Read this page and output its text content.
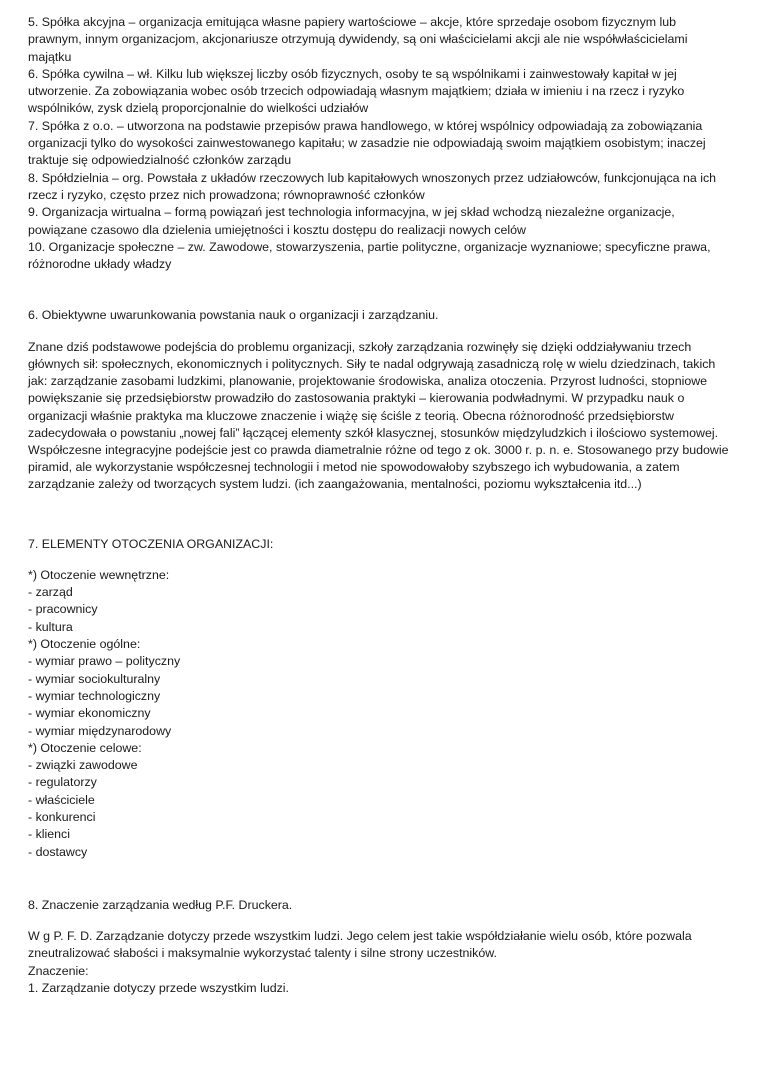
5. Spółka akcyjna – organizacja emitująca własne papiery wartościowe – akcje, które sprzedaje osobom fizycznym lub prawnym, innym organizacjom, akcjonariusze otrzymują dywidendy, są oni właścicielami akcji ale nie współwłaścicielami majątku

6. Spółka cywilna – wł. Kilku lub większej liczby osób fizycznych, osoby te są wspólnikami i zainwestowały kapitał w jej utworzenie. Za zobowiązania wobec osób trzecich odpowiadają własnym majątkiem; działa w imieniu i na rzecz i ryzyko wspólników, zysk dzielą proporcjonalnie do wielkości udziałów

7. Spółka z o.o. – utworzona na podstawie przepisów prawa handlowego, w której wspólnicy odpowiadają za zobowiązania organizacji tylko do wysokości zainwestowanego kapitału; w zasadzie nie odpowiadają swoim majątkiem osobistym; inaczej traktuje się odpowiedzialność członków zarządu

8. Spółdzielnia – org. Powstała z układów rzeczowych lub kapitałowych wnoszonych przez udziałowców, funkcjonująca na ich rzecz i ryzyko, często przez nich prowadzona; równoprawność członków

9. Organizacja wirtualna – formą powiązań jest technologia informacyjna, w jej skład wchodzą niezależne organizacje, powiązane czasowo dla dzielenia umiejętności i kosztu dostępu do realizacji nowych celów

10. Organizacje społeczne – zw. Zawodowe, stowarzyszenia, partie polityczne, organizacje wyznaniowe; specyficzne prawa, różnorodne układy władzy

6. Obiektywne uwarunkowania powstania nauk o organizacji i zarządzaniu.

Znane dziś podstawowe podejścia do problemu organizacji, szkoły zarządzania rozwinęły się dzięki oddziaływaniu trzech głównych sił: społecznych, ekonomicznych i politycznych. Siły te nadal odgrywają zasadniczą rolę w wielu dziedzinach, takich jak: zarządzanie zasobami ludzkimi, planowanie, projektowanie środowiska, analiza otoczenia. Przyrost ludności, stopniowe powiększanie się przedsiębiorstw prowadziło do zastosowania praktyki – kierowania podwładnymi. W przypadku nauk o organizacji właśnie praktyka ma kluczowe znaczenie i wiążę się ściśle z teorią. Obecna różnorodność przedsiębiorstw zadecydowała o powstaniu „nowej fali” łączącej elementy szkół klasycznej, stosunków międzyludzkich i ilościowo systemowej. Współczesne integracyjne podejście jest co prawda diametralnie różne od tego z ok. 3000 r. p. n. e. Stosowanego przy budowie piramid, ale wykorzystanie współczesnej technologii i metod nie spowodowałoby szybszego ich wybudowania, a zatem zarządzanie zależy od tworzących system ludzi. (ich zaangażowania, mentalności, poziomu wykształcenia itd...)

7. ELEMENTY OTOCZENIA ORGANIZACJI:

*) Otoczenie wewnętrzne:

- zarząd

- pracownicy

- kultura

*) Otoczenie ogólne:

- wymiar prawo – polityczny

- wymiar sociokulturalny

- wymiar technologiczny

- wymiar ekonomiczny

- wymiar międzynarodowy

*) Otoczenie celowe:

- związki zawodowe

- regulatorzy

- właściciele

- konkurenci

- klienci

- dostawcy

8. Znaczenie zarządzania według P.F. Druckera.

W g P. F. D. Zarządzanie dotyczy przede wszystkim ludzi. Jego celem jest takie współdziałanie wielu osób, które pozwala zneutralizować słabości i maksymalnie wykorzystać talenty i silne strony uczestników.

Znaczenie:

1. Zarządzanie dotyczy przede wszystkim ludzi.
